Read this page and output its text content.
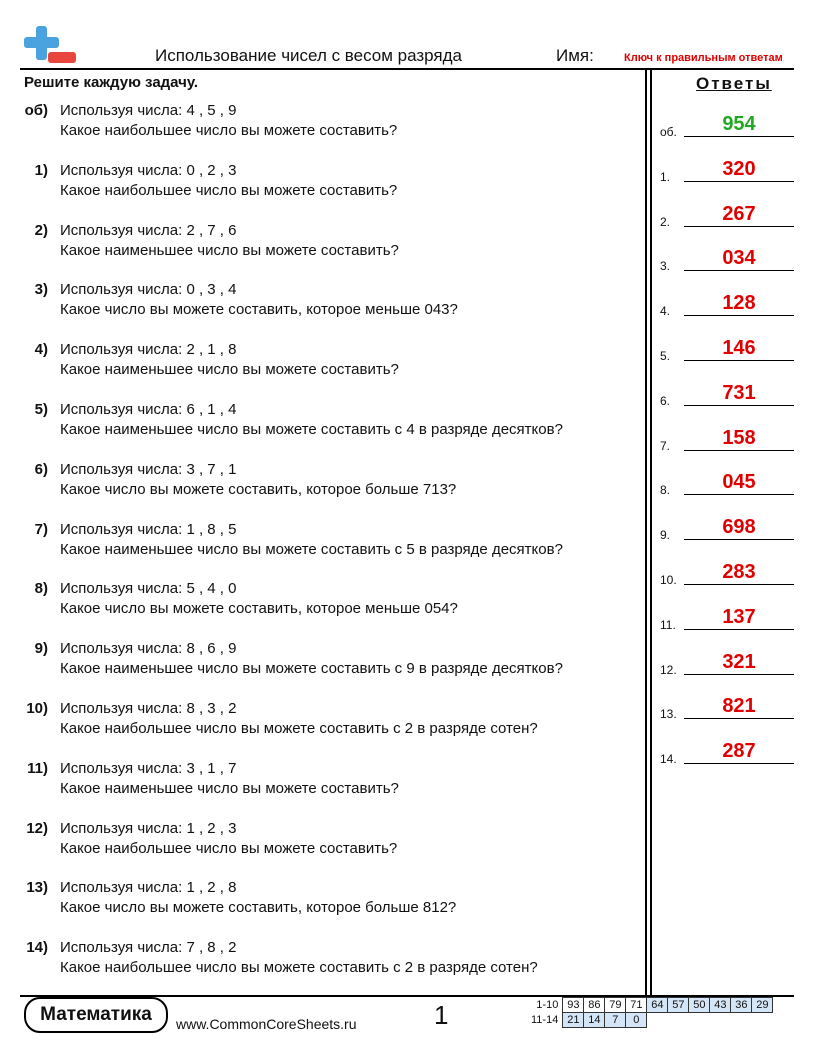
Использование чисел с весом разряда	Имя:	Ключ к правильным ответам
Решите каждую задачу.	Ответы
об) Используя числа: 4 , 5 , 9
Какое наибольшее число вы можете составить?
1) Используя числа: 0 , 2 , 3
Какое наибольшее число вы можете составить?
2) Используя числа: 2 , 7 , 6
Какое наименьшее число вы можете составить?
3) Используя числа: 0 , 3 , 4
Какое число вы можете составить, которое меньше 043?
4) Используя числа: 2 , 1 , 8
Какое наименьшее число вы можете составить?
5) Используя числа: 6 , 1 , 4
Какое наименьшее число вы можете составить с 4 в разряде десятков?
6) Используя числа: 3 , 7 , 1
Какое число вы можете составить, которое больше 713?
7) Используя числа: 1 , 8 , 5
Какое наименьшее число вы можете составить с 5 в разряде десятков?
8) Используя числа: 5 , 4 , 0
Какое число вы можете составить, которое меньше 054?
9) Используя числа: 8 , 6 , 9
Какое наименьшее число вы можете составить с 9 в разряде десятков?
10) Используя числа: 8 , 3 , 2
Какое наибольшее число вы можете составить с 2 в разряде сотен?
11) Используя числа: 3 , 1 , 7
Какое наименьшее число вы можете составить?
12) Используя числа: 1 , 2 , 3
Какое наибольшее число вы можете составить?
13) Используя числа: 1 , 2 , 8
Какое число вы можете составить, которое больше 812?
14) Используя числа: 7 , 8 , 2
Какое наибольшее число вы можете составить с 2 в разряде сотен?
об.	954
1.	320
2.	267
3.	034
4.	128
5.	146
6.	731
7.	158
8.	045
9.	698
10.	283
11.	137
12.	321
13.	821
14.	287
Математика	www.CommonCoreSheets.ru	1	1-10	93	86	79	71	64	57	50	43	36	29
11-14	21	14	7	0						
